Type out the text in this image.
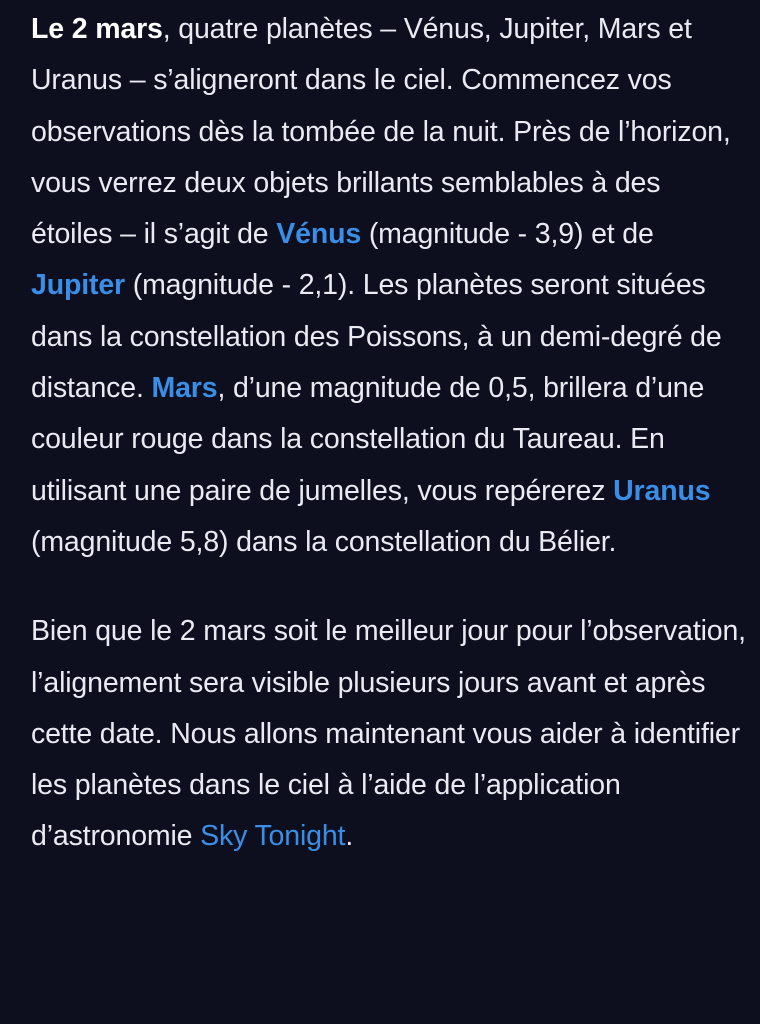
Le 2 mars, quatre planètes – Vénus, Jupiter, Mars et Uranus – s’aligneront dans le ciel. Commencez vos observations dès la tombée de la nuit. Près de l’horizon, vous verrez deux objets brillants semblables à des étoiles – il s’agit de Vénus (magnitude - 3,9) et de Jupiter (magnitude - 2,1). Les planètes seront situées dans la constellation des Poissons, à un demi-degré de distance. Mars, d’une magnitude de 0,5, brillera d’une couleur rouge dans la constellation du Taureau. En utilisant une paire de jumelles, vous repérerez Uranus (magnitude 5,8) dans la constellation du Bélier.

Bien que le 2 mars soit le meilleur jour pour l’observation, l’alignement sera visible plusieurs jours avant et après cette date. Nous allons maintenant vous aider à identifier les planètes dans le ciel à l’aide de l’application d’astronomie Sky Tonight.
